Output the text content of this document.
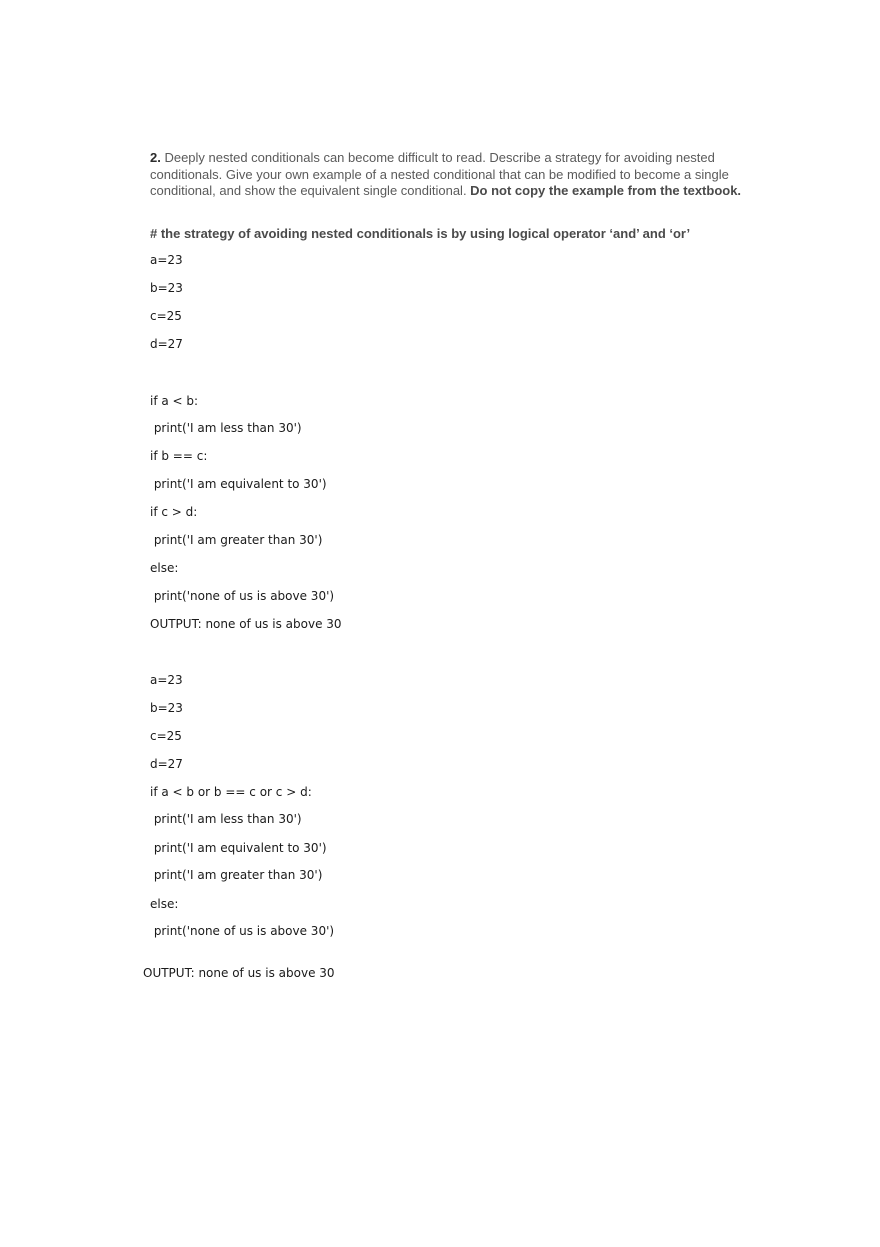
2. Deeply nested conditionals can become difficult to read. Describe a strategy for avoiding nested conditionals. Give your own example of a nested conditional that can be modified to become a single conditional, and show the equivalent single conditional. Do not copy the example from the textbook.
# the strategy of avoiding nested conditionals is by using logical operator ‘and’ and ‘or’
a=23
b=23
c=25
d=27
if a < b:
print('I am less than 30')
if b == c:
print('I am equivalent to 30')
if c > d:
print('I am greater than 30')
else:
print('none of us is above 30')
OUTPUT: none of us is above 30
a=23
b=23
c=25
d=27
if a < b or b == c or c > d:
print('I am less than 30')
print('I am equivalent to 30')
print('I am greater than 30')
else:
print('none of us is above 30')
OUTPUT: none of us is above 30
